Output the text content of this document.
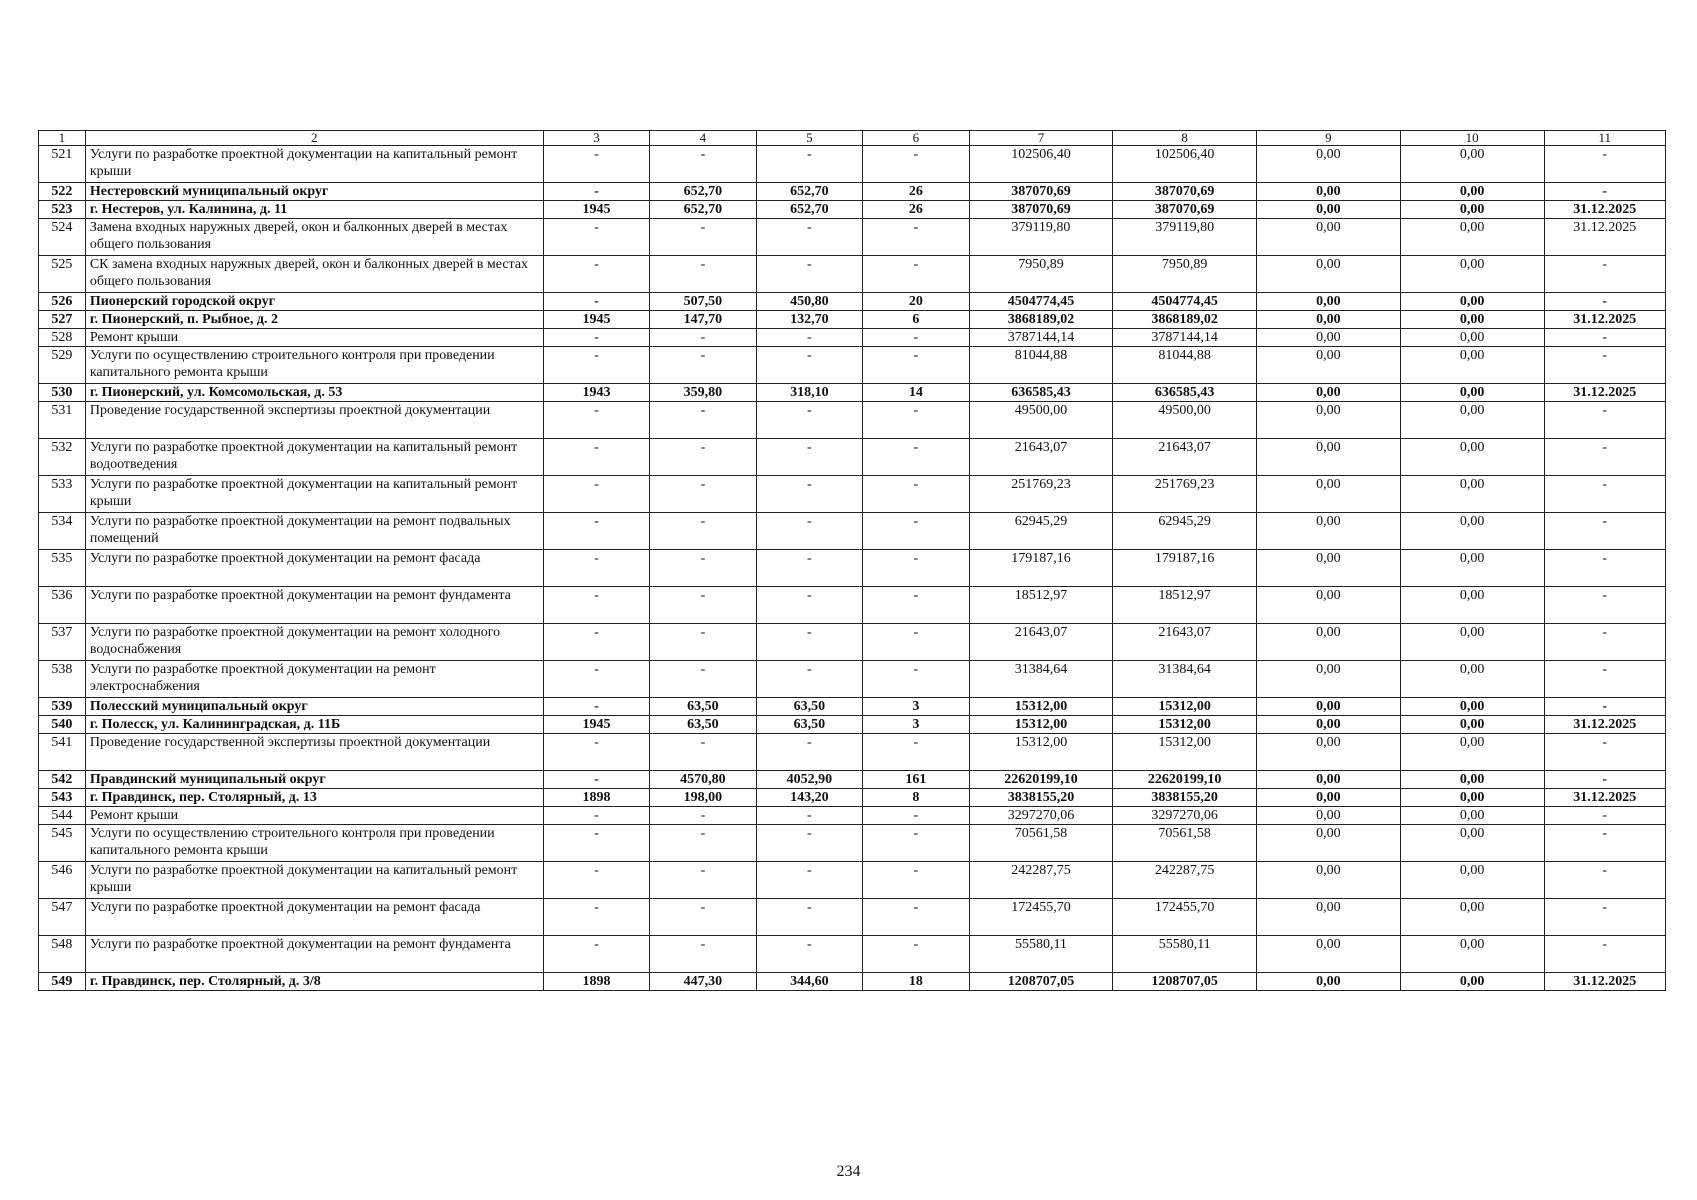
1	2	3	4	5	6	7	8	9	10	11
521	Услуги по разработке проектной документации на капитальный ремонт крыши	-	-	-	-	102506,40	102506,40	0,00	0,00	-
522	Нестеровский муниципальный округ	-	652,70	652,70	26	387070,69	387070,69	0,00	0,00	-
523	г. Нестеров, ул. Калинина, д. 11	1945	652,70	652,70	26	387070,69	387070,69	0,00	0,00	31.12.2025
524	Замена входных наружных дверей, окон и балконных дверей в местах общего пользования	-	-	-	-	379119,80	379119,80	0,00	0,00	31.12.2025
525	СК замена входных наружных дверей, окон и балконных дверей в местах общего пользования	-	-	-	-	7950,89	7950,89	0,00	0,00	-
526	Пионерский городской округ	-	507,50	450,80	20	4504774,45	4504774,45	0,00	0,00	-
527	г. Пионерский, п. Рыбное, д. 2	1945	147,70	132,70	6	3868189,02	3868189,02	0,00	0,00	31.12.2025
528	Ремонт крыши	-	-	-	-	3787144,14	3787144,14	0,00	0,00	-
529	Услуги по осуществлению строительного контроля при проведении капитального ремонта крыши	-	-	-	-	81044,88	81044,88	0,00	0,00	-
530	г. Пионерский, ул. Комсомольская, д. 53	1943	359,80	318,10	14	636585,43	636585,43	0,00	0,00	31.12.2025
531	Проведение государственной экспертизы проектной документации	-	-	-	-	49500,00	49500,00	0,00	0,00	-
532	Услуги по разработке проектной документации на капитальный ремонт водоотведения	-	-	-	-	21643,07	21643,07	0,00	0,00	-
533	Услуги по разработке проектной документации на капитальный ремонт крыши	-	-	-	-	251769,23	251769,23	0,00	0,00	-
534	Услуги по разработке проектной документации на ремонт подвальных помещений	-	-	-	-	62945,29	62945,29	0,00	0,00	-
535	Услуги по разработке проектной документации на ремонт фасада	-	-	-	-	179187,16	179187,16	0,00	0,00	-
536	Услуги по разработке проектной документации на ремонт фундамента	-	-	-	-	18512,97	18512,97	0,00	0,00	-
537	Услуги по разработке проектной документации на ремонт холодного водоснабжения	-	-	-	-	21643,07	21643,07	0,00	0,00	-
538	Услуги по разработке проектной документации на ремонт электроснабжения	-	-	-	-	31384,64	31384,64	0,00	0,00	-
539	Полесский муниципальный округ	-	63,50	63,50	3	15312,00	15312,00	0,00	0,00	-
540	г. Полесск, ул. Калининградская, д. 11Б	1945	63,50	63,50	3	15312,00	15312,00	0,00	0,00	31.12.2025
541	Проведение государственной экспертизы проектной документации	-	-	-	-	15312,00	15312,00	0,00	0,00	-
542	Правдинский муниципальный округ	-	4570,80	4052,90	161	22620199,10	22620199,10	0,00	0,00	-
543	г. Правдинск, пер. Столярный, д. 13	1898	198,00	143,20	8	3838155,20	3838155,20	0,00	0,00	31.12.2025
544	Ремонт крыши	-	-	-	-	3297270,06	3297270,06	0,00	0,00	-
545	Услуги по осуществлению строительного контроля при проведении капитального ремонта крыши	-	-	-	-	70561,58	70561,58	0,00	0,00	-
546	Услуги по разработке проектной документации на капитальный ремонт крыши	-	-	-	-	242287,75	242287,75	0,00	0,00	-
547	Услуги по разработке проектной документации на ремонт фасада	-	-	-	-	172455,70	172455,70	0,00	0,00	-
548	Услуги по разработке проектной документации на ремонт фундамента	-	-	-	-	55580,11	55580,11	0,00	0,00	-
549	г. Правдинск, пер. Столярный, д. 3/8	1898	447,30	344,60	18	1208707,05	1208707,05	0,00	0,00	31.12.2025
234
